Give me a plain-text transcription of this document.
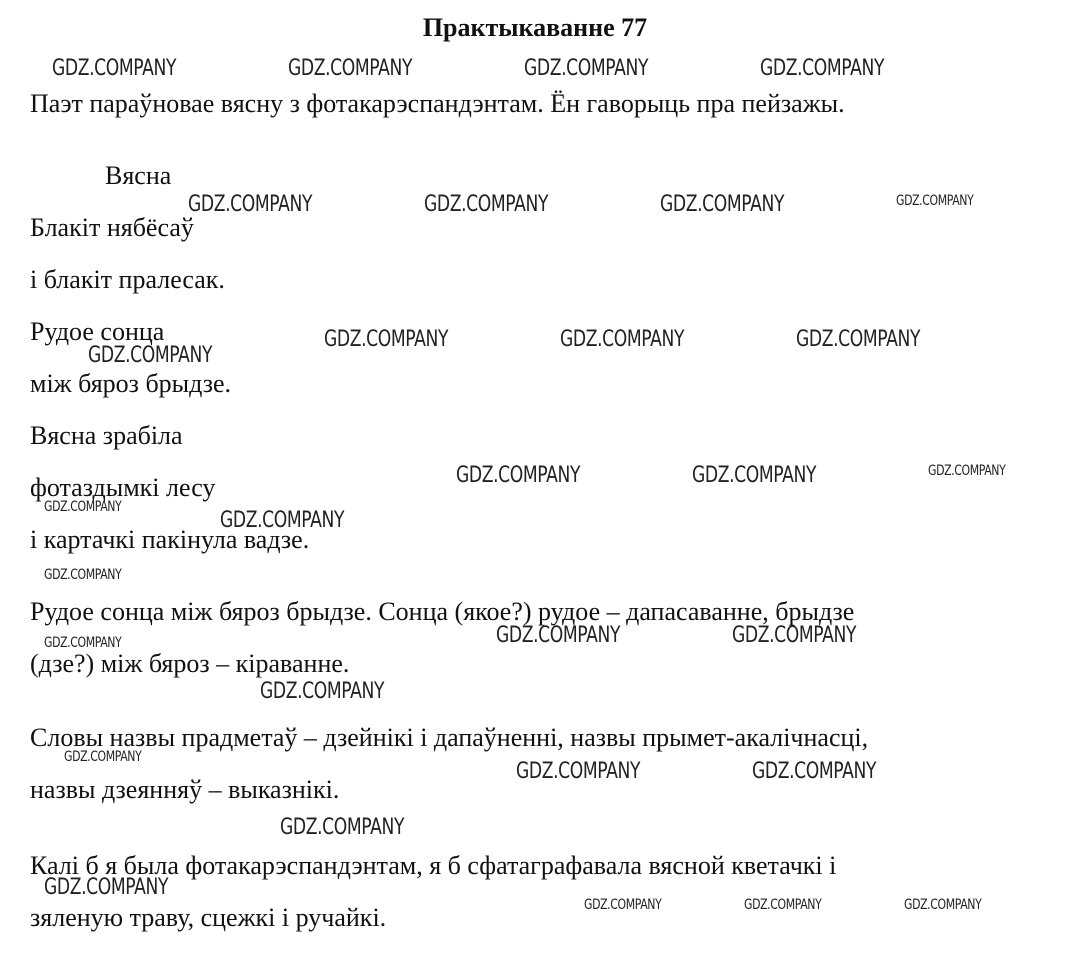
Практыкаванне 77
Паэт параўновае вясну з фотакарэспандэнтам. Ён гаворыць пра пейзажы.
Вясна
Блакіт нябёсаў
і блакіт пралесак.
Рудое сонца
між бяроз брыдзе.
Вясна зрабіла
фотаздымкі лесу
і картачкі пакінула вадзе.
Рудое сонца між бяроз брыдзе. Сонца (якое?) рудое – дапасаванне, брыдзе
(дзе?) між бяроз – кіраванне.
Словы назвы прадметаў – дзейнікі і дапаўненні, назвы прымет-акалічнасці,
назвы дзеянняў – выказнікі.
Калі б я была фотакарэспандэнтам, я б сфатаграфавала вясной кветачкі і
зяленую траву, сцежкі і ручайкі.
GDZ.COMPANY	GDZ.COMPANY	GDZ.COMPANY	GDZ.COMPANY
GDZ.COMPANY	GDZ.COMPANY	GDZ.COMPANY	GDZ.COMPANY
GDZ.COMPANY	GDZ.COMPANY	GDZ.COMPANY
GDZ.COMPANY
GDZ.COMPANY	GDZ.COMPANY	GDZ.COMPANY
GDZ.COMPANY
GDZ.COMPANY
GDZ.COMPANY
GDZ.COMPANY	GDZ.COMPANY
GDZ.COMPANY
GDZ.COMPANY
GDZ.COMPANY
GDZ.COMPANY	GDZ.COMPANY
GDZ.COMPANY
GDZ.COMPANY
GDZ.COMPANY	GDZ.COMPANY	GDZ.COMPANY
